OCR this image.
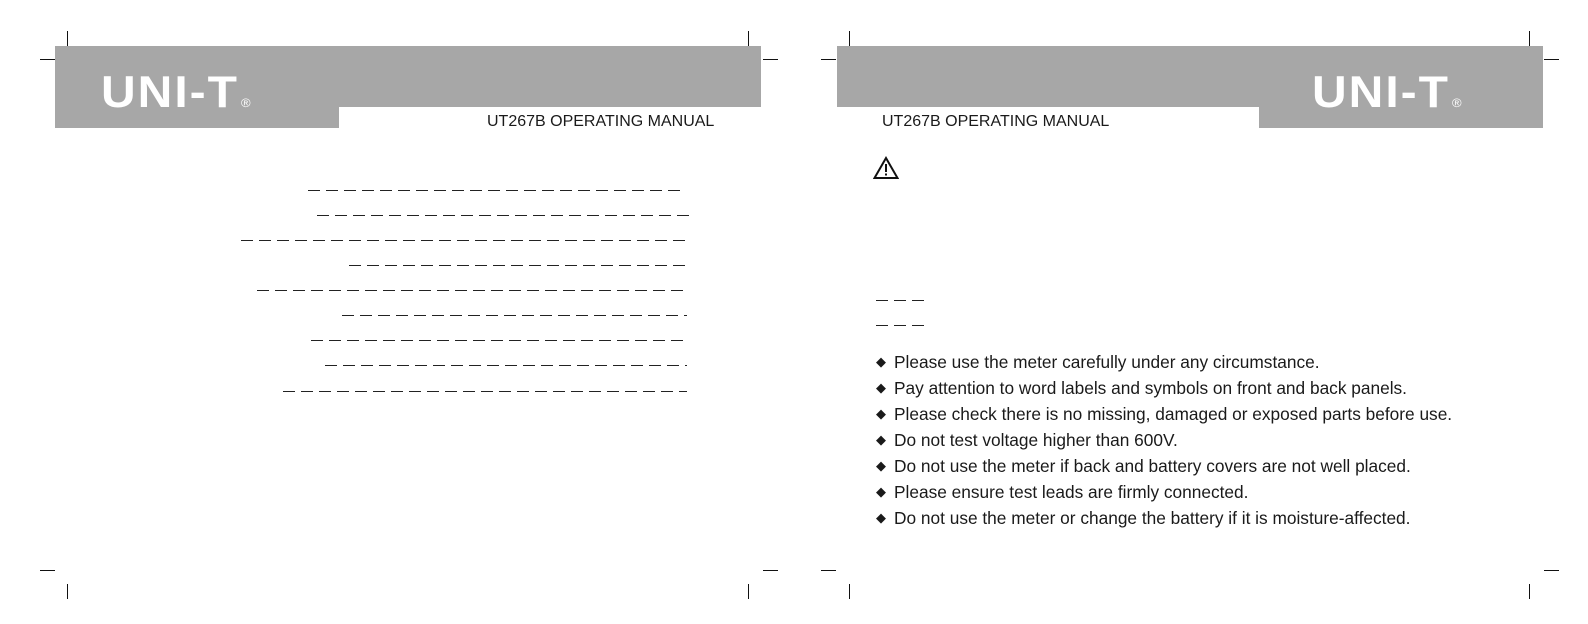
UNI-T ®
UT267B OPERATING MANUAL
UNI-T ®
UT267B OPERATING MANUAL
◆ Please use the meter carefully under any circumstance.
◆ Pay attention to word labels and symbols on front and back panels.
◆ Please check there is no missing, damaged or exposed parts before use.
◆ Do not test voltage higher than 600V.
◆ Do not use the meter if back and battery covers are not well placed.
◆ Please ensure test leads are firmly connected.
◆ Do not use the meter or change the battery if it is moisture-affected.
